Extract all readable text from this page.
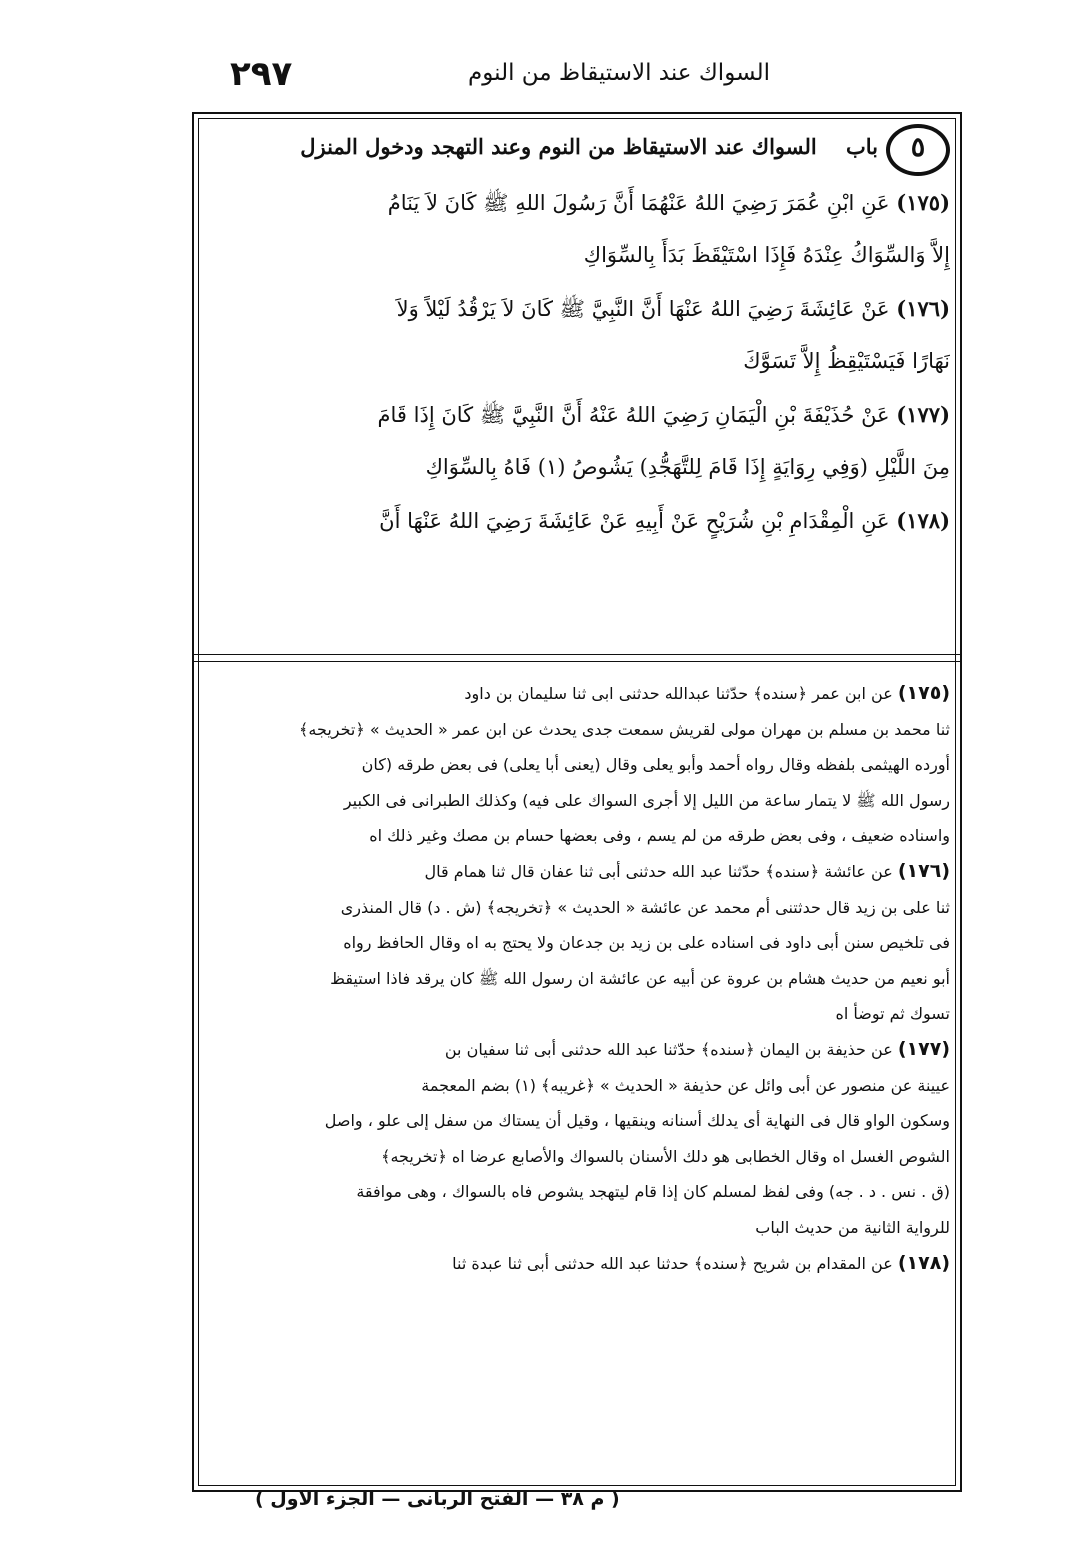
٢٩٧	السواك عند الاستيقاظ من النوم
٥
باب    السواك عند الاستيقاظ من النوم وعند التهجد ودخول المنزل
(١٧٥) عَنِ ابْنِ عُمَرَ رَضِيَ اللهُ عَنْهُمَا أَنَّ رَسُولَ اللهِ ﷺ كَانَ لاَ يَنَامُ
إِلاَّ وَالسِّوَاكُ عِنْدَهُ فَإِذَا اسْتَيْقَظَ بَدَأَ بِالسِّوَاكِ
(١٧٦) عَنْ عَائِشَةَ رَضِيَ اللهُ عَنْهَا أَنَّ النَّبِيَّ ﷺ كَانَ لاَ يَرْقُدُ لَيْلاً وَلاَ
نَهَارًا فَيَسْتَيْقِظُ إِلاَّ تَسَوَّكَ
(١٧٧) عَنْ حُذَيْفَةَ بْنِ الْيَمَانِ رَضِيَ اللهُ عَنْهُ أَنَّ النَّبِيَّ ﷺ كَانَ إِذَا قَامَ
مِنَ اللَّيْلِ (وَفِي رِوَايَةٍ إِذَا قَامَ لِلتَّهَجُّدِ) يَشُوصُ (١) فَاهُ بِالسِّوَاكِ
(١٧٨) عَنِ الْمِقْدَامِ بْنِ شُرَيْحٍ عَنْ أَبِيهِ عَنْ عَائِشَةَ رَضِيَ اللهُ عَنْهَا أَنَّ
(١٧٥) عن ابن عمر ﴿سنده﴾ حدّثنا عبدالله حدثنى ابى ثنا سليمان بن داود
ثنا محمد بن مسلم بن مهران مولى لقريش سمعت جدى يحدث عن ابن عمر « الحديث » ﴿تخريجه﴾
أورده الهيثمى بلفظه وقال رواه أحمد وأبو يعلى وقال (يعنى أبا يعلى) فى بعض طرقه (كان
رسول الله ﷺ لا يتمار ساعة من الليل إلا أجرى السواك على فيه) وكذلك الطبرانى فى الكبير
واسناده ضعيف ، وفى بعض طرقه من لم يسم ، وفى بعضها حسام بن مصك وغير ذلك اه
(١٧٦) عن عائشة ﴿سنده﴾ حدّثنا عبد الله حدثنى أبى ثنا عفان قال ثنا همام قال
ثنا على بن زيد قال حدثتنى أم محمد عن عائشة « الحديث » ﴿تخريجه﴾ (ش . د) قال المنذرى
فى تلخيص سنن أبى داود فى اسناده على بن زيد بن جدعان ولا يحتج به اه وقال الحافظ رواه
أبو نعيم من حديث هشام بن عروة عن أبيه عن عائشة ان رسول الله ﷺ كان يرقد فاذا استيقظ
تسوك ثم توضأ اه
(١٧٧) عن حذيفة بن اليمان ﴿سنده﴾ حدّثنا عبد الله حدثنى أبى ثنا سفيان بن
عيينة عن منصور عن أبى وائل عن حذيفة « الحديث » ﴿غريبه﴾ (١) بضم المعجمة
وسكون الواو قال فى النهاية أى يدلك أسنانه وينقيها ، وقيل أن يستاك من سفل إلى علو ، واصل
الشوص الغسل اه وقال الخطابى هو دلك الأسنان بالسواك والأصابع عرضا اه ﴿تخريجه﴾
(ق . نس . د . جه) وفى لفظ لمسلم كان إذا قام ليتهجد يشوص فاه بالسواك ، وهى موافقة
للرواية الثانية من حديث الباب
(١٧٨) عن المقدام بن شريح ﴿سنده﴾ حدثنا عبد الله حدثنى أبى ثنا عبدة ثنا
( م ٣٨ — الفتح الربانى — الجزء الاول )
